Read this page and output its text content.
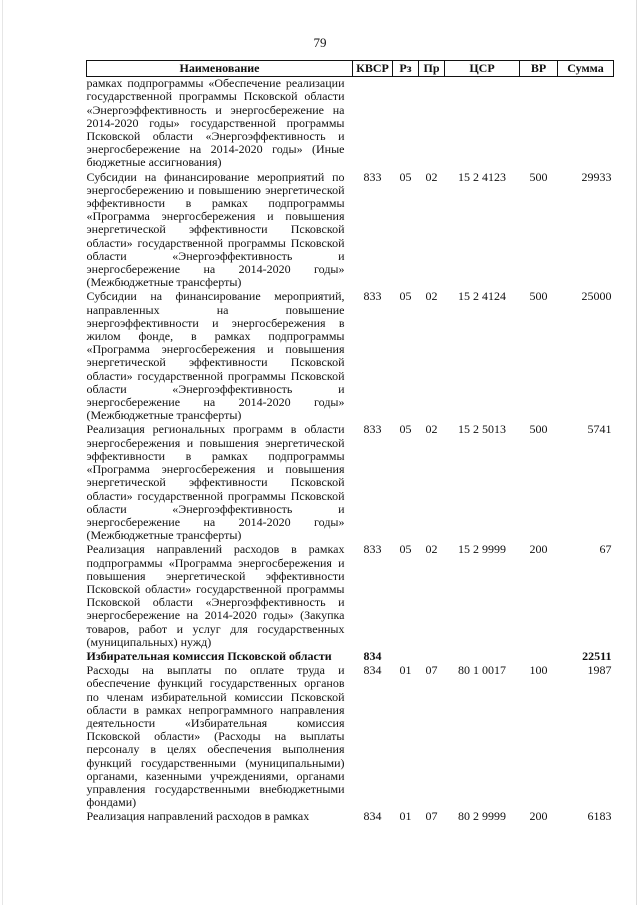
79
Наименование	КВСР	Рз	Пр	ЦСР	ВР	Сумма
рамках подпрограммы «Обеспечение реализации государственной программы Псковской области «Энергоэффективность и энергосбережение на 2014-2020 годы» государственной программы Псковской области «Энергоэффективность и энергосбережение на 2014-2020 годы» (Иные бюджетные ассигнования)						
Субсидии на финансирование мероприятий по энергосбережению и повышению энергетической эффективности в рамках подпрограммы «Программа энергосбережения и повышения энергетической эффективности Псковской области» государственной программы Псковской области «Энергоэффективность и энергосбережение на 2014-2020 годы» (Межбюджетные трансферты)	833	05	02	15 2 4123	500	29933
Субсидии на финансирование мероприятий, направленных на повышение энергоэффективности и энергосбережения в жилом фонде, в рамках подпрограммы «Программа энергосбережения и повышения энергетической эффективности Псковской области» государственной программы Псковской области «Энергоэффективность и энергосбережение на 2014-2020 годы» (Межбюджетные трансферты)	833	05	02	15 2 4124	500	25000
Реализация региональных программ в области энергосбережения и повышения энергетической эффективности в рамках подпрограммы «Программа энергосбережения и повышения энергетической эффективности Псковской области» государственной программы Псковской области «Энергоэффективность и энергосбережение на 2014-2020 годы» (Межбюджетные трансферты)	833	05	02	15 2 5013	500	5741
Реализация направлений расходов в рамках подпрограммы «Программа энергосбережения и повышения энергетической эффективности Псковской области» государственной программы Псковской области «Энергоэффективность и энергосбережение на 2014-2020 годы» (Закупка товаров, работ и услуг для государственных (муниципальных) нужд)	833	05	02	15 2 9999	200	67
Избирательная комиссия Псковской области	834					22511
Расходы на выплаты по оплате труда и обеспечение функций государственных органов по членам избирательной комиссии Псковской области в рамках непрограммного направления деятельности «Избирательная комиссия Псковской области» (Расходы на выплаты персоналу в целях обеспечения выполнения функций государственными (муниципальными) органами, казенными учреждениями, органами управления государственными внебюджетными фондами)	834	01	07	80 1 0017	100	1987
Реализация направлений расходов в рамках	834	01	07	80 2 9999	200	6183
